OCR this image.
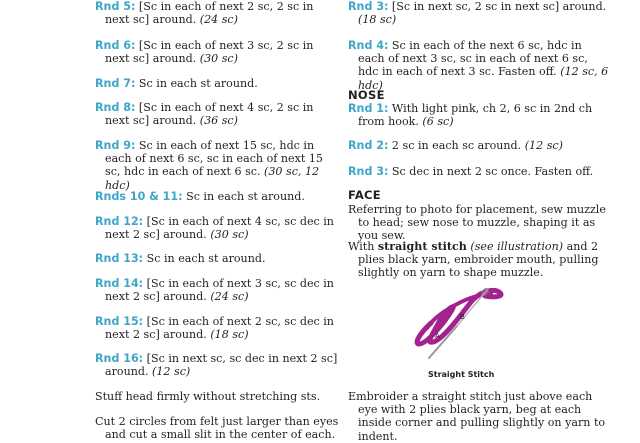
Rnd 5: [Sc in each of next 2 sc, 2 sc in next sc] around. (24 sc)

Rnd 6: [Sc in each of next 3 sc, 2 sc in next sc] around. (30 sc)

Rnd 7: Sc in each st around.

Rnd 8: [Sc in each of next 4 sc, 2 sc in next sc] around. (36 sc)

Rnd 9: Sc in each of next 15 sc, hdc in each of next 6 sc, sc in each of next 15 sc, hdc in each of next 6 sc. (30 sc, 12 hdc)

Rnds 10 & 11: Sc in each st around.

Rnd 12: [Sc in each of next 4 sc, sc dec in next 2 sc] around. (30 sc)

Rnd 13: Sc in each st around.

Rnd 14: [Sc in each of next 3 sc, sc dec in next 2 sc] around. (24 sc)

Rnd 15: [Sc in each of next 2 sc, sc dec in next 2 sc] around. (18 sc)

Rnd 16: [Sc in next sc, sc dec in next 2 sc] around. (12 sc)

Stuff head firmly without stretching sts.

Cut 2 circles from felt just larger than eyes and cut a small slit in the center of each.

Rnd 3: [Sc in next sc, 2 sc in next sc] around. (18 sc)

Rnd 4: Sc in each of the next 6 sc, hdc in each of next 3 sc, sc in each of next 6 sc, hdc in each of next 3 sc. Fasten off. (12 sc, 6 hdc)

NOSE

Rnd 1: With light pink, ch 2, 6 sc in 2nd ch from hook. (6 sc)

Rnd 2: 2 sc in each sc around. (12 sc)

Rnd 3: Sc dec in next 2 sc once. Fasten off.

FACE

Referring to photo for placement, sew muzzle to head; sew nose to muzzle, shaping it as you sew.

With straight stitch (see illustration) and 2 plies black yarn, embroider mouth, pulling slightly on yarn to shape muzzle.

Embroider a straight stitch just above each eye with 2 plies black yarn, beg at each inside corner and pulling slightly on yarn to indent.

A
B
Straight Stitch
